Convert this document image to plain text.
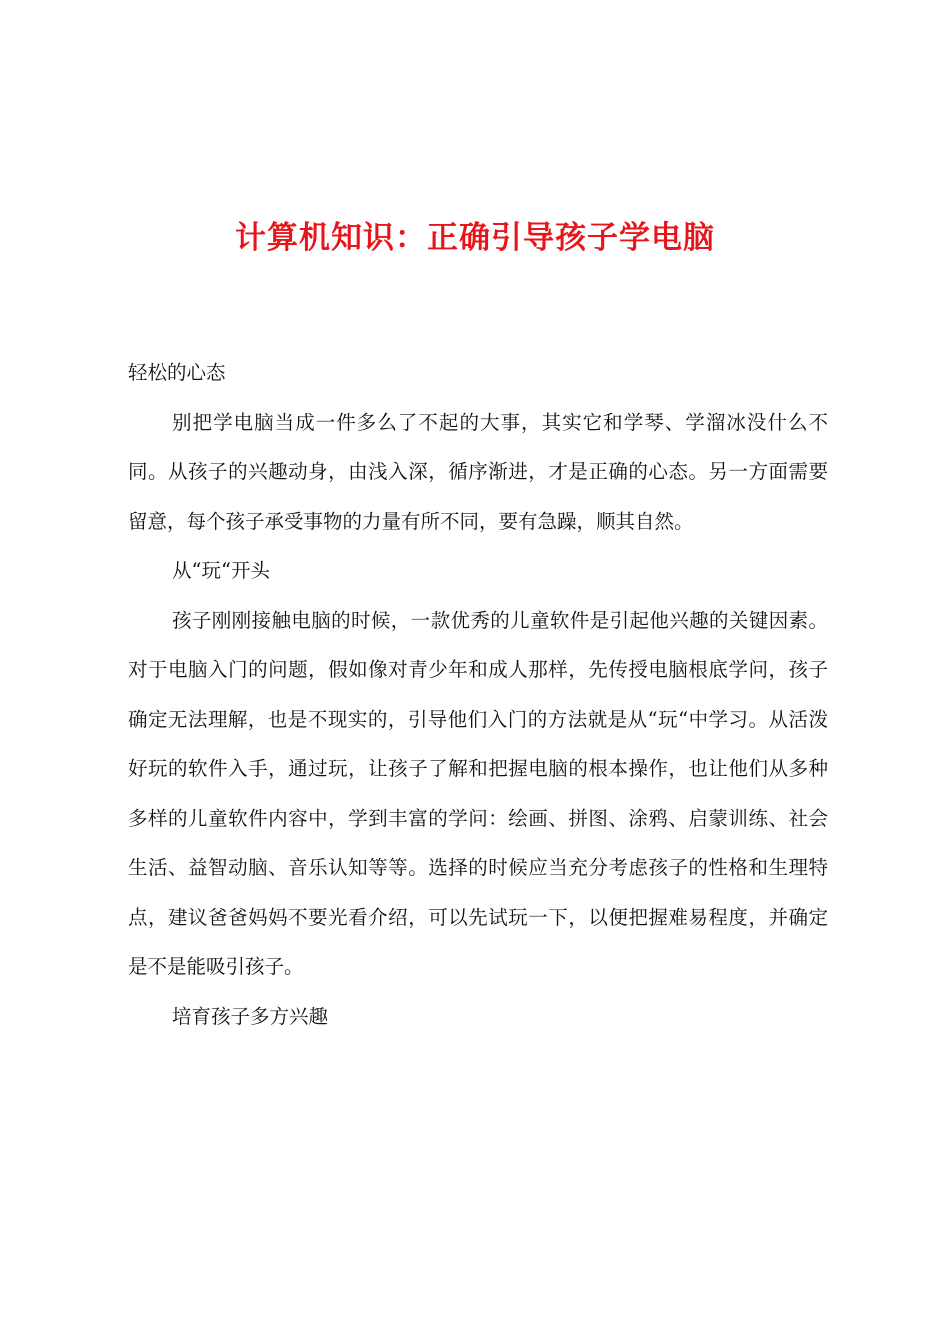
计算机知识：正确引导孩子学电脑

轻松的心态

别把学电脑当成一件多么了不起的大事，其实它和学琴、学溜冰没什么不同。从孩子的兴趣动身，由浅入深，循序渐进，才是正确的心态。另一方面需要留意，每个孩子承受事物的力量有所不同，要有急躁，顺其自然。

从“玩“开头

孩子刚刚接触电脑的时候，一款优秀的儿童软件是引起他兴趣的关键因素。对于电脑入门的问题，假如像对青少年和成人那样，先传授电脑根底学问，孩子确定无法理解，也是不现实的，引导他们入门的方法就是从“玩“中学习。从活泼好玩的软件入手，通过玩，让孩子了解和把握电脑的根本操作，也让他们从多种多样的儿童软件内容中，学到丰富的学问：绘画、拼图、涂鸦、启蒙训练、社会生活、益智动脑、音乐认知等等。选择的时候应当充分考虑孩子的性格和生理特点，建议爸爸妈妈不要光看介绍，可以先试玩一下，以便把握难易程度，并确定是不是能吸引孩子。

培育孩子多方兴趣
